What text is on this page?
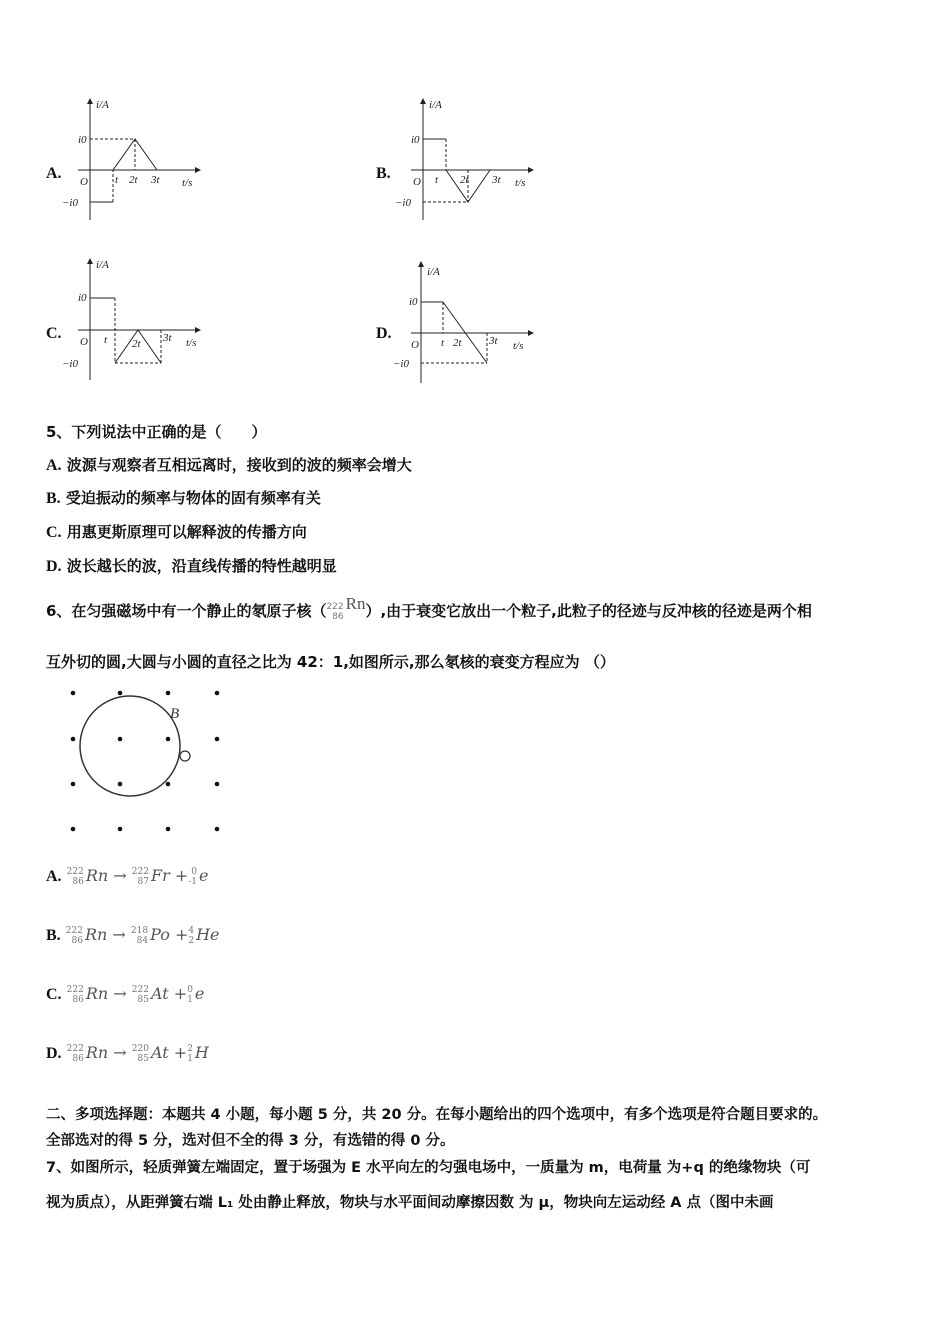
A.
i/A
i0
−i0
O t 2t 3t t/s
B.
i/A
i0
−i0
O t 2t 3t t/s
C.
i/A
i0
−i0
O t 2t 3t t/s
D.
i/A
i0
−i0
O t 2t 3t t/s
5、下列说法中正确的是（　　）
A. 波源与观察者互相远离时，接收到的波的频率会增大
B. 受迫振动的频率与物体的固有频率有关
C. 用惠更斯原理可以解释波的传播方向
D. 波长越长的波，沿直线传播的特性越明显
6、在匀强磁场中有一个静止的氡原子核（ 222
86
Rn）,由于衰变它放出一个粒子,此粒子的径迹与反冲核的径迹是两个相
互外切的圆,大圆与小圆的直径之比为 42：1,如图所示,那么氡核的衰变方程应为 （）
B
A. 222
86 Rn → 222
87 Fr + 0
-1 e
B. 222
86 Rn → 218
84 Po + 4
2 He
C. 222
86 Rn → 222
85 At + 0
1 e
D. 222
86 Rn → 220
85 At + 2
1 H
二、多项选择题：本题共 4 小题，每小题 5 分，共 20 分。在每小题给出的四个选项中，有多个选项是符合题目要求的。
全部选对的得 5 分，选对但不全的得 3 分，有选错的得 0 分。
7、如图所示，轻质弹簧左端固定，置于场强为 E 水平向左的匀强电场中，一质量为 m，电荷量 为+q 的绝缘物块（可
视为质点），从距弹簧右端 L₁ 处由静止释放，物块与水平面间动摩擦因数 为 μ，物块向左运动经 A 点（图中未画
